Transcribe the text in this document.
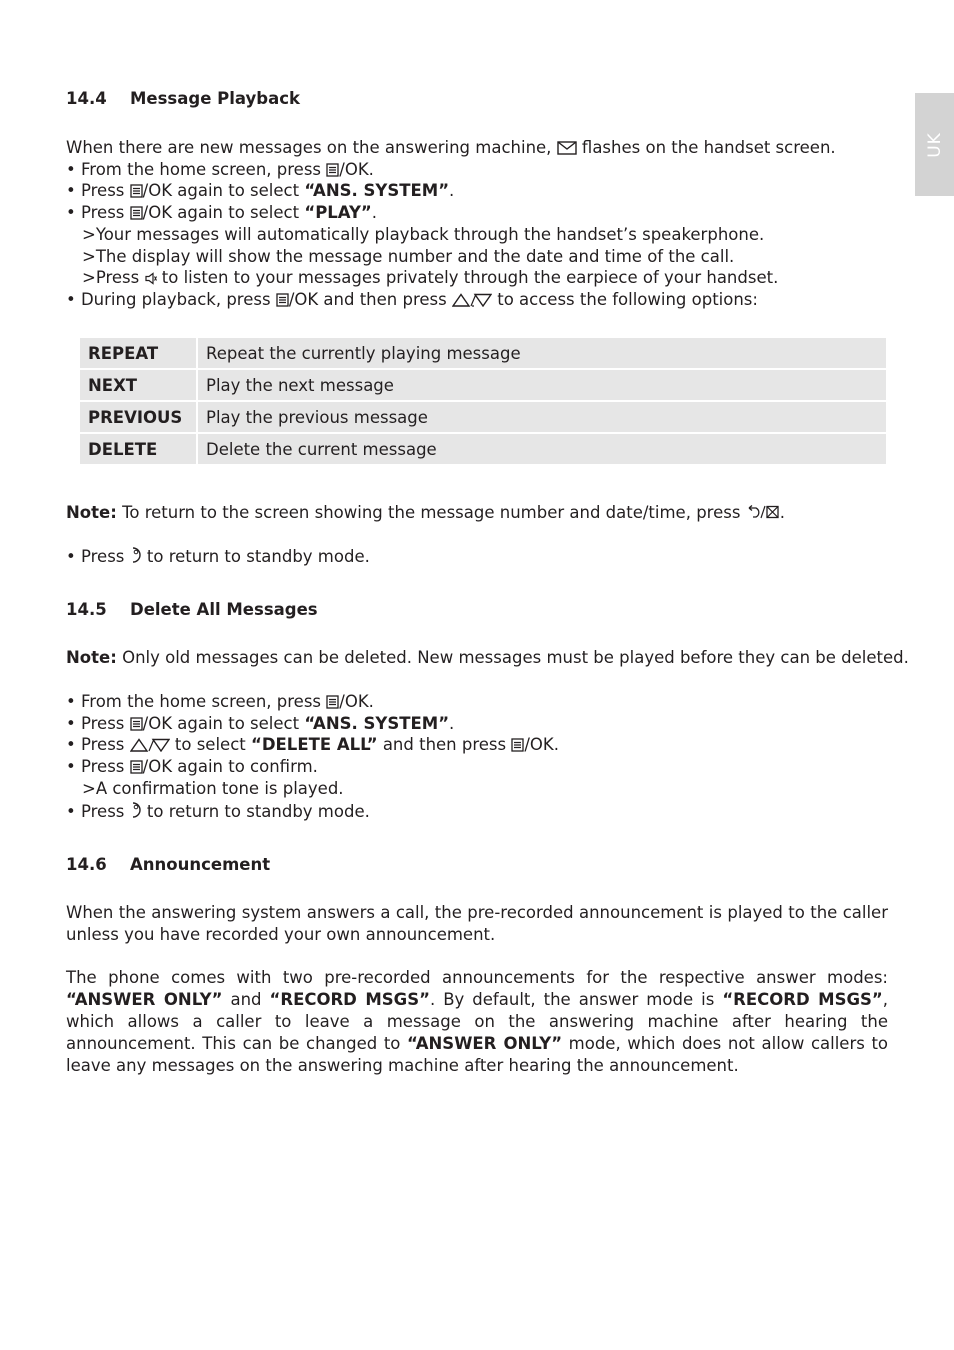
UK
14.4 Message Playback
When there are new messages on the answering machine, flashes on the handset screen.
• From the home screen, press /OK.
• Press /OK again to select “ANS. SYSTEM”.
• Press /OK again to select “PLAY”.
>Your messages will automatically playback through the handset’s speakerphone.
>The display will show the message number and the date and time of the call.
>Press to listen to your messages privately through the earpiece of your handset.
• During playback, press /OK and then press	to access the following options:
REPEAT	Repeat the currently playing message
NEXT	Play the next message
PREVIOUS	Play the previous message
DELETE	Delete the current message
Note: To return to the screen showing the message number and date/time, press .
• Press to return to standby mode.
14.5 Delete All Messages
Note: Only old messages can be deleted. New messages must be played before they can be deleted.
• From the home screen, press /OK.
• Press /OK again to select “ANS. SYSTEM”.
• Press	to select “DELETE ALL” and then press /OK.
• Press /OK again to confirm.
>A confirmation tone is played.
• Press to return to standby mode.
14.6 Announcement
When the answering system answers a call, the pre-recorded announcement is played to the caller unless you have recorded your own announcement.
The phone comes with two pre-recorded announcements for the respective answer modes: “ANSWER ONLY” and “RECORD MSGS”. By default, the answer mode is “RECORD MSGS”, which allows a caller to leave a message on the answering machine after hearing the announcement. This can be changed to “ANSWER ONLY” mode, which does not allow callers to leave any messages on the answering machine after hearing the announcement.
